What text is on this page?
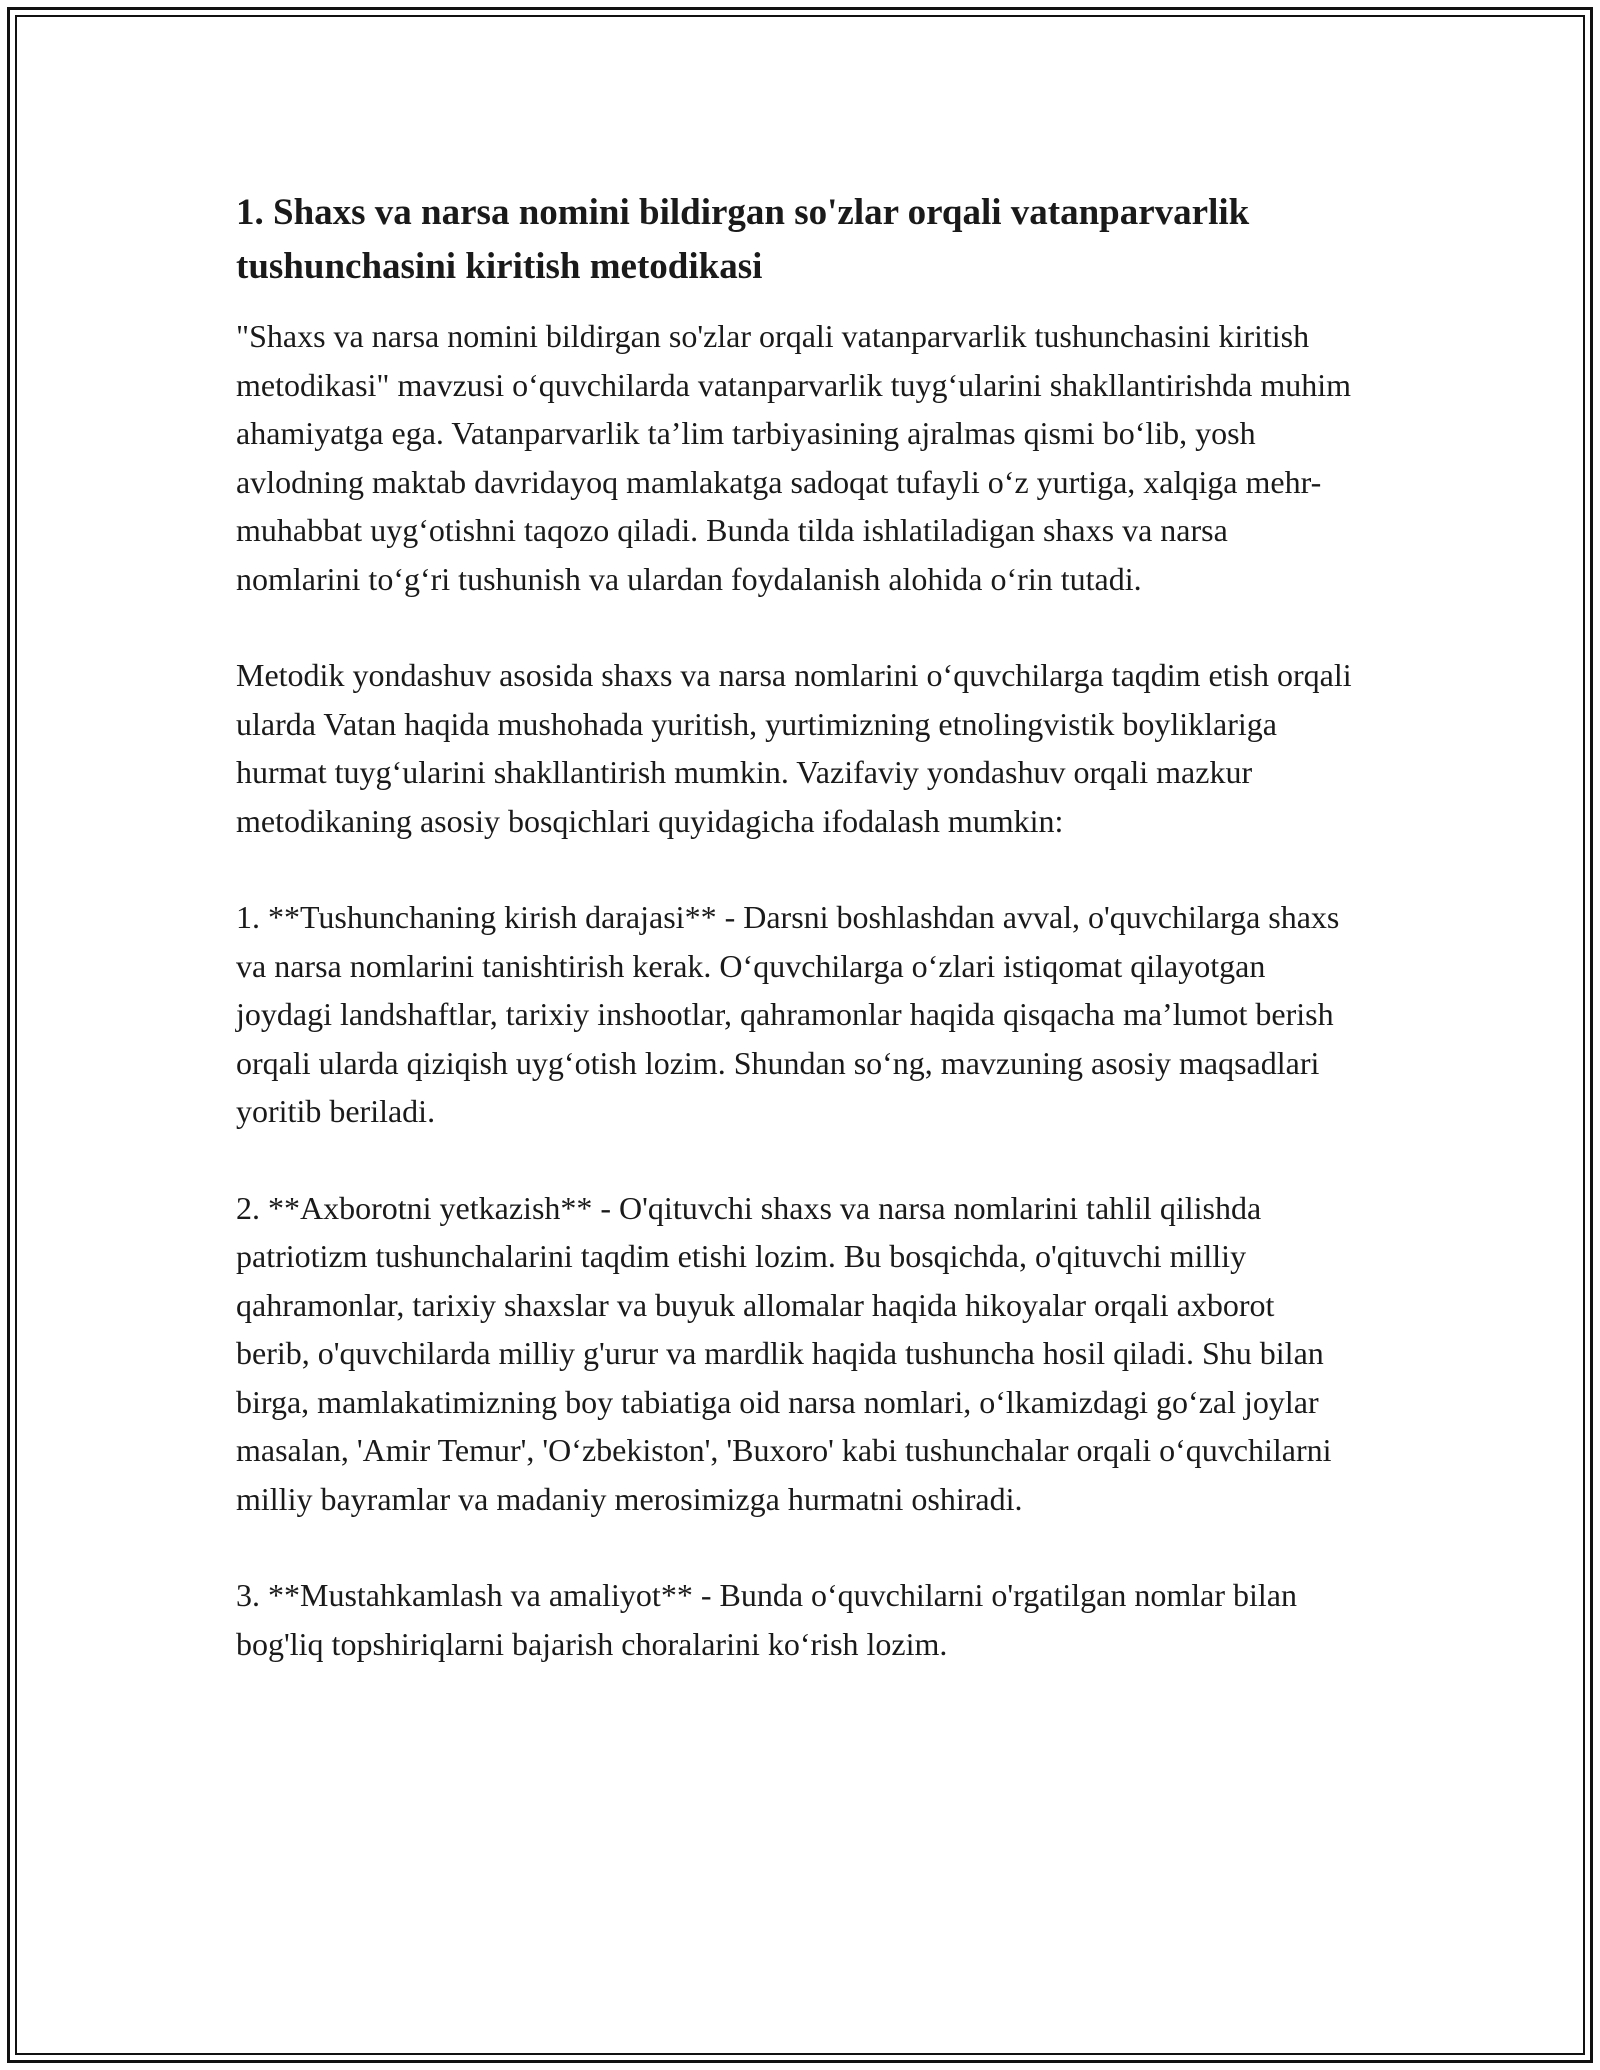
1. Shaxs va narsa nomini bildirgan so'zlar orqali vatanparvarlik tushunchasini kiritish metodikasi

"Shaxs va narsa nomini bildirgan so'zlar orqali vatanparvarlik tushunchasini kiritish metodikasi" mavzusi o‘quvchilarda vatanparvarlik tuyg‘ularini shakllantirishda muhim ahamiyatga ega. Vatanparvarlik ta’lim tarbiyasining ajralmas qismi bo‘lib, yosh avlodning maktab davridayoq mamlakatga sadoqat tufayli o‘z yurtiga, xalqiga mehr-muhabbat uyg‘otishni taqozo qiladi. Bunda tilda ishlatiladigan shaxs va narsa nomlarini to‘g‘ri tushunish va ulardan foydalanish alohida o‘rin tutadi.

Metodik yondashuv asosida shaxs va narsa nomlarini o‘quvchilarga taqdim etish orqali ularda Vatan haqida mushohada yuritish, yurtimizning etnolingvistik boyliklariga hurmat tuyg‘ularini shakllantirish mumkin. Vazifaviy yondashuv orqali mazkur metodikaning asosiy bosqichlari quyidagicha ifodalash mumkin:

1. **Tushunchaning kirish darajasi** - Darsni boshlashdan avval, o'quvchilarga shaxs va narsa nomlarini tanishtirish kerak. O‘quvchilarga o‘zlari istiqomat qilayotgan joydagi landshaftlar, tarixiy inshootlar, qahramonlar haqida qisqacha ma’lumot berish orqali ularda qiziqish uyg‘otish lozim. Shundan so‘ng, mavzuning asosiy maqsadlari yoritib beriladi.

2. **Axborotni yetkazish** - O'qituvchi shaxs va narsa nomlarini tahlil qilishda patriotizm tushunchalarini taqdim etishi lozim. Bu bosqichda, o'qituvchi milliy qahramonlar, tarixiy shaxslar va buyuk allomalar haqida hikoyalar orqali axborot berib, o'quvchilarda milliy g'urur va mardlik haqida tushuncha hosil qiladi. Shu bilan birga, mamlakatimizning boy tabiatiga oid narsa nomlari, o‘lkamizdagi go‘zal joylar masalan, 'Amir Temur', 'O‘zbekiston', 'Buxoro' kabi tushunchalar orqali o‘quvchilarni milliy bayramlar va madaniy merosimizga hurmatni oshiradi.

3. **Mustahkamlash va amaliyot** - Bunda o‘quvchilarni o'rgatilgan nomlar bilan bog'liq topshiriqlarni bajarish choralarini ko‘rish lozim.
